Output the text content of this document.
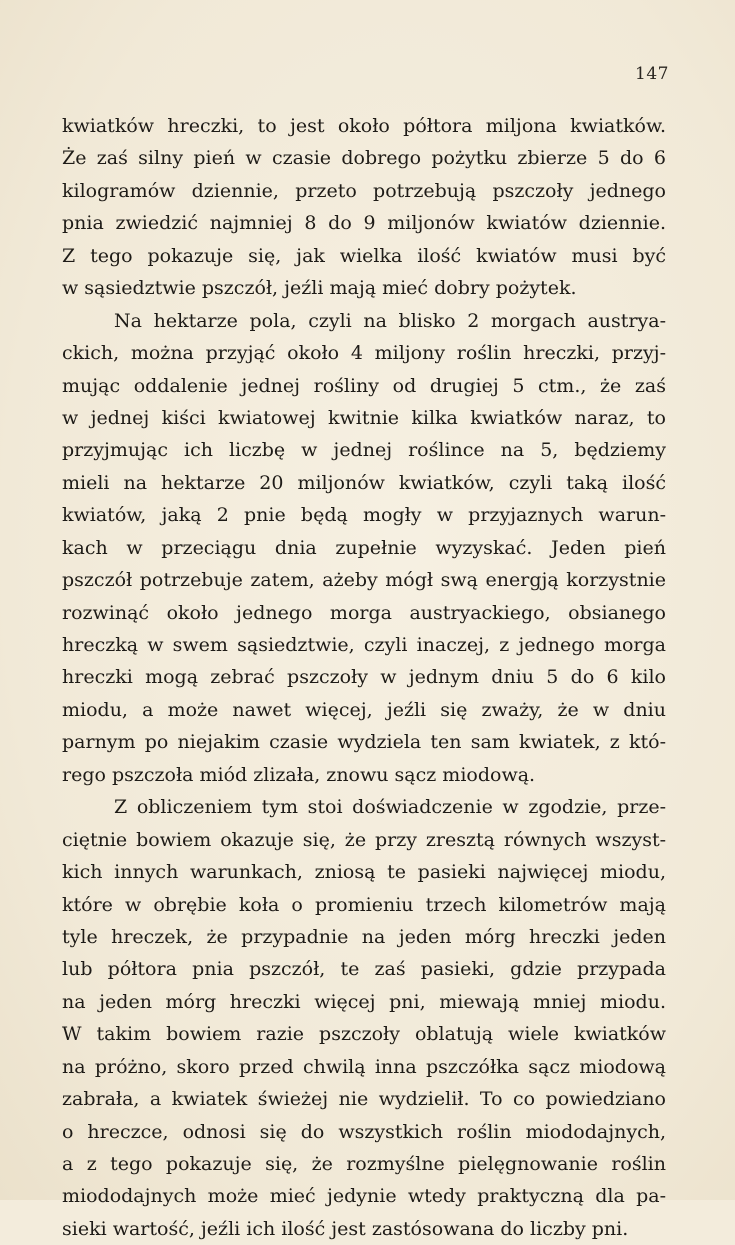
147
kwiatków hreczki, to jest około półtora miljona kwiatków.
Że zaś silny pień w czasie dobrego pożytku zbierze 5 do 6
kilogramów dziennie, przeto potrzebują pszczoły jednego
pnia zwiedzić najmniej 8 do 9 miljonów kwiatów dziennie.
Z tego pokazuje się, jak wielka ilość kwiatów musi być
w sąsiedztwie pszczół, jeźli mają mieć dobry pożytek.
Na hektarze pola, czyli na blisko 2 morgach austrya-
ckich, można przyjąć około 4 miljony roślin hreczki, przyj-
mując oddalenie jednej rośliny od drugiej 5 ctm., że zaś
w jednej kiści kwiatowej kwitnie kilka kwiatków naraz, to
przyjmując ich liczbę w jednej roślince na 5, będziemy
mieli na hektarze 20 miljonów kwiatków, czyli taką ilość
kwiatów, jaką 2 pnie będą mogły w przyjaznych warun-
kach w przeciągu dnia zupełnie wyzyskać. Jeden pień
pszczół potrzebuje zatem, ażeby mógł swą energją korzystnie
rozwinąć około jednego morga austryackiego, obsianego
hreczką w swem sąsiedztwie, czyli inaczej, z jednego morga
hreczki mogą zebrać pszczoły w jednym dniu 5 do 6 kilo
miodu, a może nawet więcej, jeźli się zważy, że w dniu
parnym po niejakim czasie wydziela ten sam kwiatek, z któ-
rego pszczoła miód zlizała, znowu sącz miodową.
Z obliczeniem tym stoi doświadczenie w zgodzie, prze-
ciętnie bowiem okazuje się, że przy zresztą równych wszyst-
kich innych warunkach, zniosą te pasieki najwięcej miodu,
które w obrębie koła o promieniu trzech kilometrów mają
tyle hreczek, że przypadnie na jeden mórg hreczki jeden
lub półtora pnia pszczół, te zaś pasieki, gdzie przypada
na jeden mórg hreczki więcej pni, miewają mniej miodu.
W takim bowiem razie pszczoły oblatują wiele kwiatków
na próżno, skoro przed chwilą inna pszczółka sącz miodową
zabrała, a kwiatek świeżej nie wydzielił. To co powiedziano
o hreczce, odnosi się do wszystkich roślin miododajnych,
a z tego pokazuje się, że rozmyślne pielęgnowanie roślin
miododajnych może mieć jedynie wtedy praktyczną dla pa-
sieki wartość, jeźli ich ilość jest zastósowana do liczby pni.
